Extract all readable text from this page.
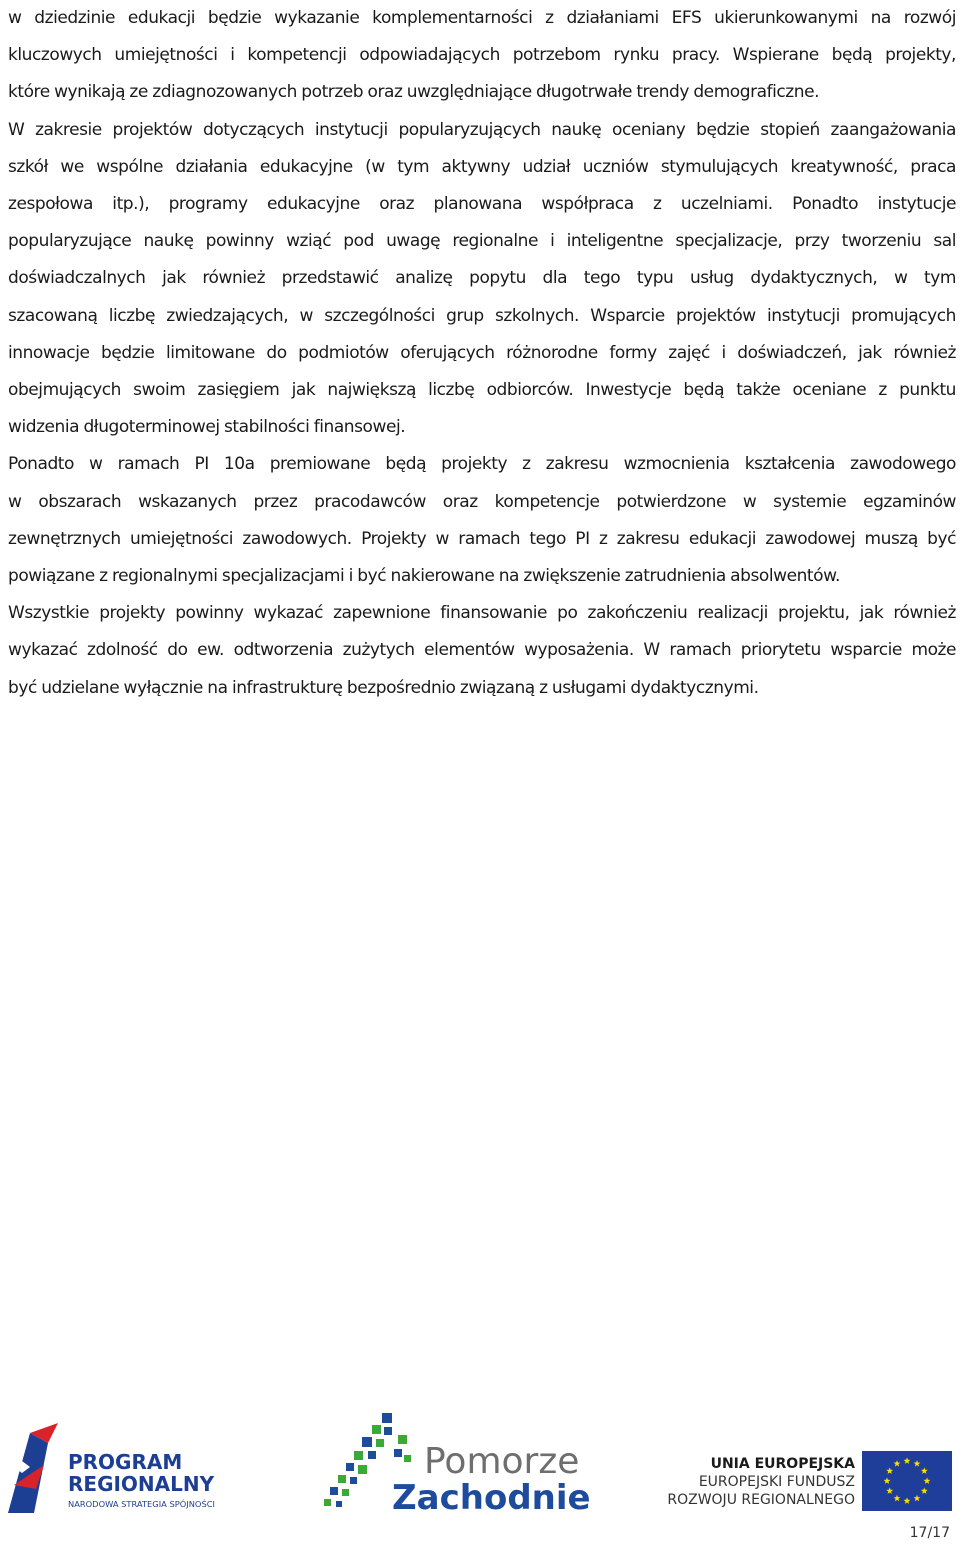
w dziedzinie edukacji będzie wykazanie komplementarności z działaniami EFS ukierunkowanymi na rozwój
kluczowych umiejętności i kompetencji odpowiadających potrzebom rynku pracy. Wspierane będą projekty,
które wynikają ze zdiagnozowanych potrzeb oraz uwzględniające długotrwałe trendy demograficzne.
W zakresie projektów dotyczących instytucji popularyzujących naukę oceniany będzie stopień zaangażowania
szkół we wspólne działania edukacyjne (w tym aktywny udział uczniów stymulujących kreatywność, praca
zespołowa itp.), programy edukacyjne oraz planowana współpraca z uczelniami. Ponadto instytucje
popularyzujące naukę powinny wziąć pod uwagę regionalne i inteligentne specjalizacje, przy tworzeniu sal
doświadczalnych jak również przedstawić analizę popytu dla tego typu usług dydaktycznych, w tym
szacowaną liczbę zwiedzających, w szczególności grup szkolnych. Wsparcie projektów instytucji promujących
innowacje będzie limitowane do podmiotów oferujących różnorodne formy zajęć i doświadczeń, jak również
obejmujących swoim zasięgiem jak największą liczbę odbiorców. Inwestycje będą także oceniane z punktu
widzenia długoterminowej stabilności finansowej.

Ponadto w ramach PI 10a premiowane będą projekty z zakresu wzmocnienia kształcenia zawodowego
w obszarach wskazanych przez pracodawców oraz kompetencje potwierdzone w systemie egzaminów
zewnętrznych umiejętności zawodowych. Projekty w ramach tego PI z zakresu edukacji zawodowej muszą być
powiązane z regionalnymi specjalizacjami i być nakierowane na zwiększenie zatrudnienia absolwentów.

Wszystkie projekty powinny wykazać zapewnione finansowanie po zakończeniu realizacji projektu, jak również
wykazać zdolność do ew. odtworzenia zużytych elementów wyposażenia. W ramach priorytetu wsparcie może
być udzielane wyłącznie na infrastrukturę bezpośrednio związaną z usługami dydaktycznymi.

PROGRAM
REGIONALNY
NARODOWA STRATEGIA SPÓJNOŚCI
Pomorze
Zachodnie
UNIA EUROPEJSKA
EUROPEJSKI FUNDUSZ
ROZWOJU REGIONALNEGO
17/17
